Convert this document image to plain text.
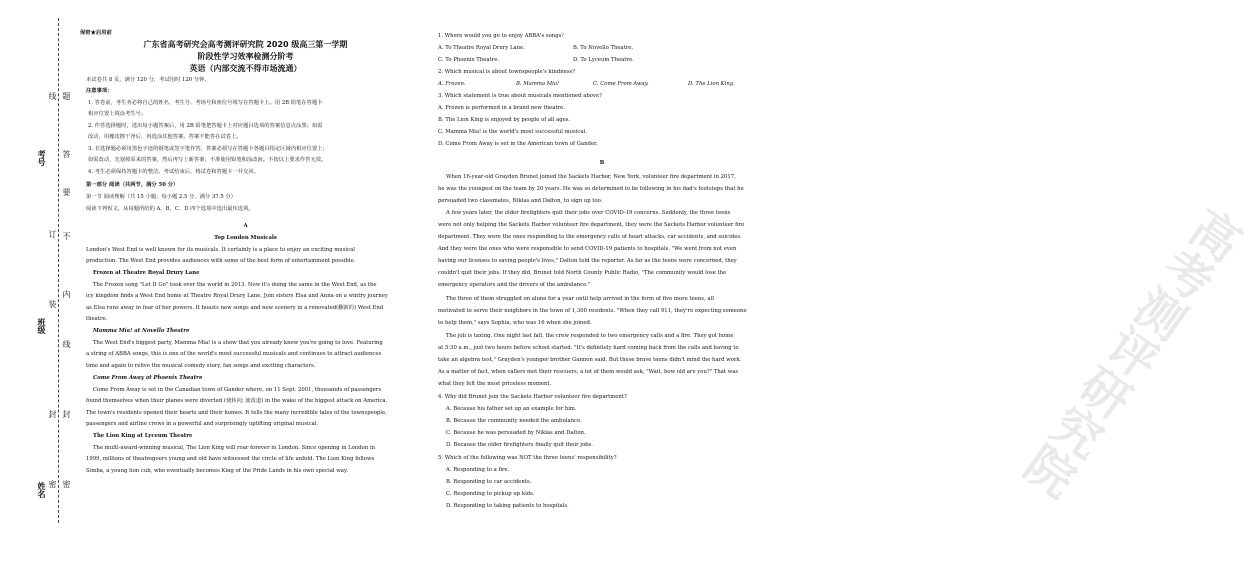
考号
班级
姓名
线
订
装
封
密
题
答
要
不
内
线
封
密
保密★启用前
广东省高考研究会高考测评研究院 2020 级高三第一学期
阶段性学习效率检测分阶考
英语（内部交流不得市场流通）
本试卷共 8 页，满分 120 分，考试用时 120 分钟。
注意事项：
1. 答卷前，考生务必将自己的姓名、考生号、考场号和座位号填写在答题卡上。用 2B 铅笔在答题卡
相应位置上填涂考生号。
2. 作答选择题时，选出每小题答案后，用 2B 铅笔把答题卡上对应题目选项的答案信息点涂黑；如需
改动，用橡皮擦干净后，再选涂其他答案。答案不能答在试卷上。
3. 非选择题必须用黑色字迹的钢笔或签字笔作答，答案必须写在答题卡各题目指定区域内相应位置上；
如需改动，先划掉原来的答案，然后再写上新答案；不准使用铅笔和涂改液。不按以上要求作答无效。
4. 考生必须保持答题卡的整洁。考试结束后，将试卷和答题卡一并交回。
第一部分 阅读（共两节，满分 50 分）
第一节 阅读理解（共 15 小题；每小题 2.5 分，满分 37.5 分）
阅读下列短文，从每题所给的 A、B、C、D 四个选项中选出最佳选项。
A
Top London Musicals
London's West End is well known for its musicals. It certainly is a place to enjoy an exciting musical
production. The West End provides audiences with some of the best form of entertainment possible.
Frozen at Theatre Royal Drury Lane
The Frozen song "Let It Go" took over the world in 2013. Now it's doing the same in the West End, as the
icy kingdom finds a West End home at Theatre Royal Drury Lane. Join sisters Elsa and Anna on a wintry journey
as Elsa runs away in fear of her powers. It boasts new songs and new scenery in a renovated(翻新的) West End
theatre.
Mamma Mia! at Novello Theatre
The West End's biggest party, Mamma Mia! is a show that you already know you're going to love. Featuring
a string of ABBA songs, this is one of the world's most successful musicals and continues to attract audiences
time and again to relive the musical comedy story, fan songs and exciting characters.
Come From Away at Phoenix Theatre
Come From Away is set in the Canadian town of Gander where, on 11 Sept. 2001, thousands of passengers
found themselves when their planes were diverted (使转向; 使改道) in the wake of the biggest attack on America.
The town's residents opened their hearts and their homes. It tells the many incredible tales of the townspeople,
passengers and airline crews in a powerful and surprisingly uplifting original musical.
The Lion King at Lyceum Theatre
The multi-award-winning musical, The Lion King will roar forever in London. Since opening in London in
1999, millions of theatregoers young and old have witnessed the circle of life unfold. The Lion King follows
Simba, a young lion cub, who eventually becomes King of the Pride Lands in his own special way.	高考测评研究院
1. Where would you go to enjoy ABBA's songs？
A. To Theatre Royal Drury Lane.	B. To Novello Theatre.
C. To Phoenix Theatre.	D. To Lyceum Theatre.
2. Which musical is about townspeople's kindness?
A. Frozen.	B. Mamma Mia!	C. Come From Away.	D. The Lion King.
3. Which statement is true about musicals mentioned above?
A. Frozen is performed in a brand new theatre.
B. The Lion King is enjoyed by people of all ages.
C. Mamma Mia! is the world's most successful musical.
D. Come From Away is set in the American town of Gander.
B
When 16-year-old Grayden Brunet joined the Sackets Harbor, New York, volunteer fire department in 2017,
he was the youngest on the team by 20 years. He was so determined to be following in his dad's footsteps that he
persuaded two classmates, Niklas and Dalton, to sign up too.
A few years later, the older firefighters quit their jobs over COVID-19 concerns. Suddenly, the three teens
were not only helping the Sackets Harbor volunteer fire department, they were the Sackets Harbor volunteer fire
department. They were the ones responding to the emergency calls of heart attacks, car accidents, and suicides.
And they were the ones who were responsible to send COVID-19 patients to hospitals. "We went from not even
having our licenses to saving people's lives," Dalton told the reporter. As far as the teens were concerned, they
couldn't quit their jobs. If they did, Brunet told North County Public Radio, "The community would lose the
emergency operators and the drivers of the ambulance."
The three of them struggled on alone for a year until help arrived in the form of five more teens, all
motivated to serve their neighbors in the town of 1,300 residents. "When they call 911, they're expecting someone
to help them," says Sophia, who was 16 when she joined.
The job is taxing. One night last fall, the crew responded to two emergency calls and a fire. They got home
at 5:30 a.m., just two hours before school started. "It's definitely hard coming back from the calls and having to
take an algebra test," Grayden's younger brother Gannon said. But these brave teens didn't mind the hard work.
As a matter of fact, when callers met their rescuers, a lot of them would ask, "Wait, how old are you?" That was
what they felt the most priceless moment.
4. Why did Brunet join the Sackets Harbor volunteer fire department?
A. Because his father set up an example for him.
B. Because the community needed the ambulance.
C. Because he was persuaded by Niklas and Dalton.
D. Because the older firefighters finally quit their jobs.
5. Which of the following was NOT the three teens' responsibility?
A. Responding to a fire.
B. Responding to car accidents.
C. Responding to pickup up kids.
D. Responding to taking patients to hospitals.
